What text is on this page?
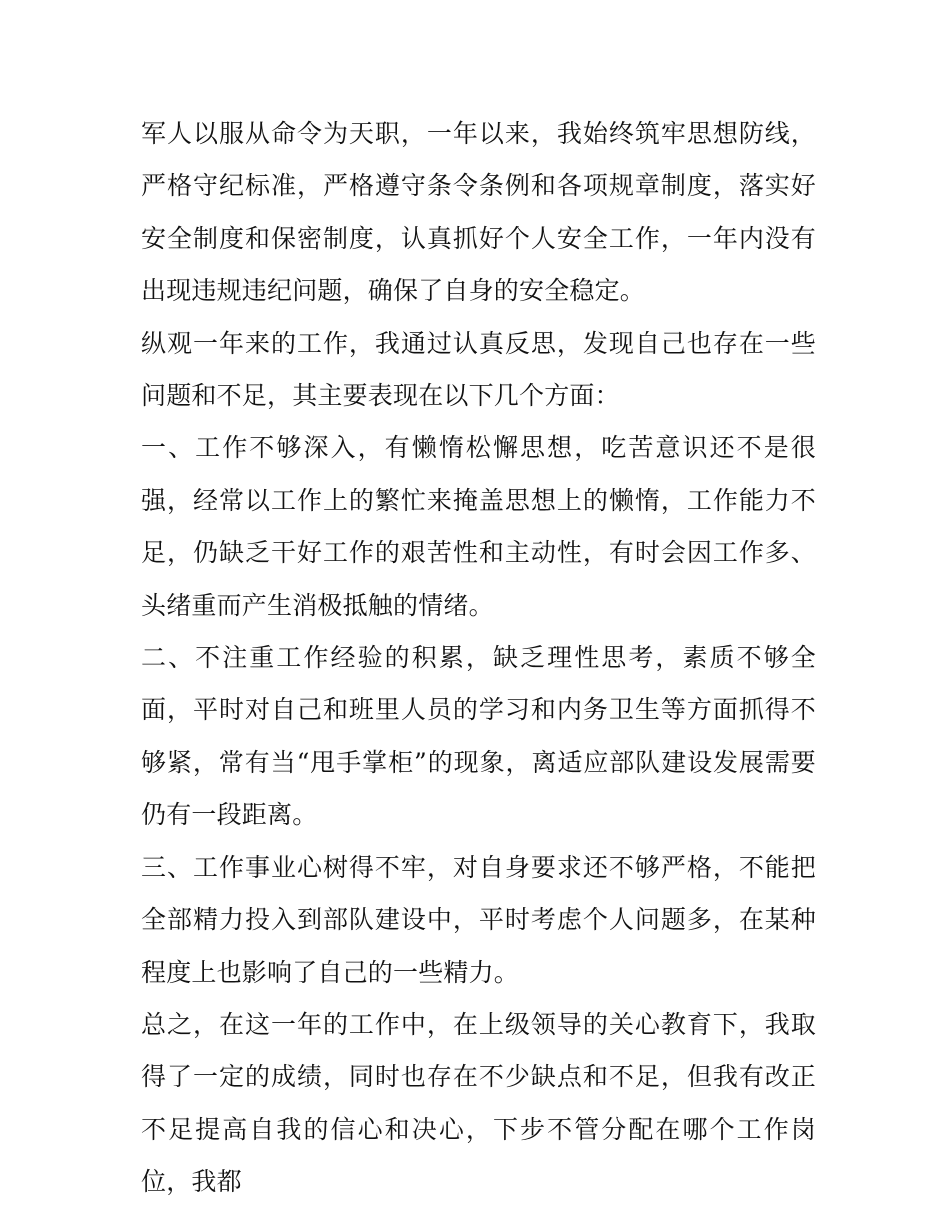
军人以服从命令为天职，一年以来，我始终筑牢思想防线，严格守纪标准，严格遵守条令条例和各项规章制度，落实好安全制度和保密制度，认真抓好个人安全工作，一年内没有出现违规违纪问题，确保了自身的安全稳定。

纵观一年来的工作，我通过认真反思，发现自己也存在一些问题和不足，其主要表现在以下几个方面：

一、工作不够深入，有懒惰松懈思想，吃苦意识还不是很强，经常以工作上的繁忙来掩盖思想上的懒惰，工作能力不足，仍缺乏干好工作的艰苦性和主动性，有时会因工作多、头绪重而产生消极抵触的情绪。

二、不注重工作经验的积累，缺乏理性思考，素质不够全面，平时对自己和班里人员的学习和内务卫生等方面抓得不够紧，常有当“甩手掌柜”的现象，离适应部队建设发展需要仍有一段距离。

三、工作事业心树得不牢，对自身要求还不够严格，不能把全部精力投入到部队建设中，平时考虑个人问题多，在某种程度上也影响了自己的一些精力。

总之，在这一年的工作中，在上级领导的关心教育下，我取得了一定的成绩，同时也存在不少缺点和不足，但我有改正不足提高自我的信心和决心，下步不管分配在哪个工作岗位，我都
